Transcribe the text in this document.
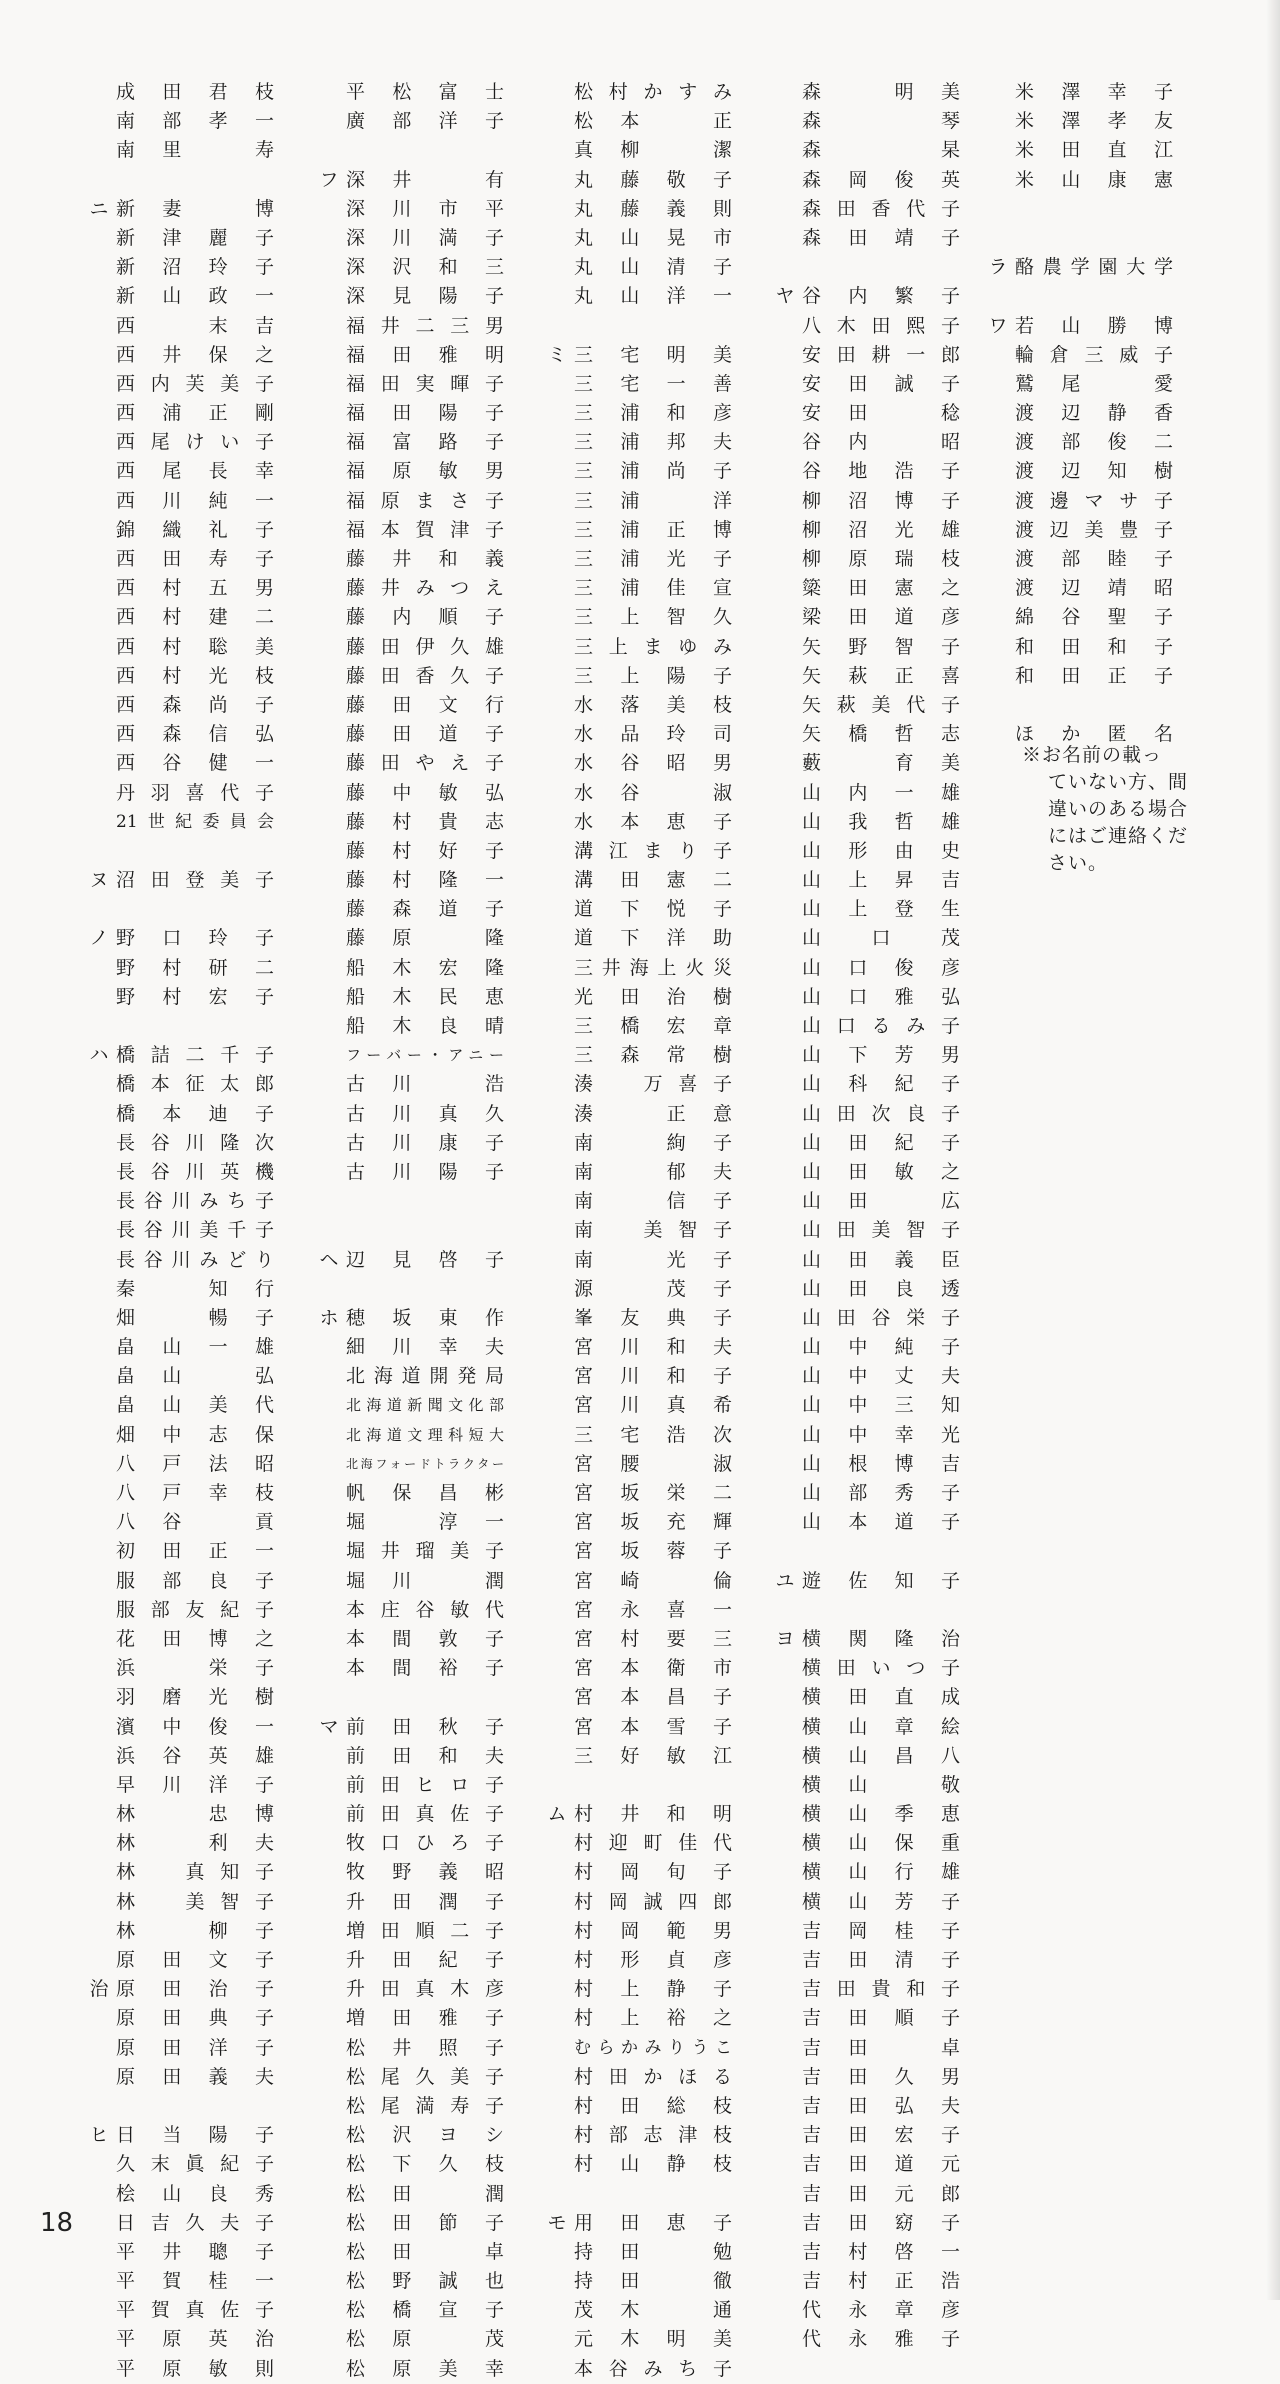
成田君枝
南部孝一
南里　寿
ニ 新妻　博
新津麗子
新沼玲子
新山政一
西　末吉
西井保之
西内芙美子
西浦正剛
西尾けい子
西尾長幸
西川純一
錦織礼子
西田寿子
西村五男
西村建二
西村聡美
西村光枝
西森尚子
西森信弘
西谷健一
丹羽喜代子
21世紀委員会
ヌ 沼田登美子
ノ 野口玲子
野村研二
野村宏子
ハ 橋詰二千子
橋本征太郎
橋本迪子
長谷川隆次
長谷川英機
長谷川みち子
長谷川美千子
長谷川みどり
秦　知行
畑　暢子
畠山一雄
畠山　弘
畠山美代
畑中志保
八戸法昭
八戸幸枝
八谷　貢
初田正一
服部良子
服部友紀子
花田博之
浜　栄子
羽磨光樹
濱中俊一
浜谷英雄
早川洋子
林　忠博
林　利夫
林　真知子
林　美智子
林　柳子
原田文子
治 原田治子
原田典子
原田洋子
原田義夫
ヒ 日当陽子
久末眞紀子
桧山良秀
日吉久夫子
平井聰子
平賀桂一
平賀真佐子
平原英治
平原敏則
平松富士
廣部洋子
フ 深井　有
深川市平
深川満子
深沢和三
深見陽子
福井二三男
福田雅明
福田実暉子
福田陽子
福富路子
福原敏男
福原まさ子
福本賀津子
藤井和義
藤井みつえ
藤内順子
藤田伊久雄
藤田香久子
藤田文行
藤田道子
藤田やえ子
藤中敏弘
藤村貴志
藤村好子
藤村隆一
藤森道子
藤原　隆
船木宏隆
船木民恵
船木良晴
フーバー・アニー
古川　浩
古川真久
古川康子
古川陽子
ヘ 辺見啓子
ホ 穂坂東作
細川幸夫
北海道開発局
北海道新聞文化部
北海道文理科短大
北海フォードトラクター
帆保昌彬
堀　淳一
堀井瑠美子
堀川　潤
本庄谷敏代
本間敦子
本間裕子
マ 前田秋子
前田和夫
前田ヒロ子
前田真佐子
牧口ひろ子
牧野義昭
升田潤子
増田順二子
升田紀子
升田真木彦
増田雅子
松井照子
松尾久美子
松尾満寿子
松沢ヨシ
松下久枝
松田　潤
松田節子
松田　卓
松野誠也
松橋宣子
松原　茂
松原美幸
松村かすみ
松本　正
真柳　潔
丸藤敬子
丸藤義則
丸山晃市
丸山清子
丸山洋一
ミ 三宅明美
三宅一善
三浦和彦
三浦邦夫
三浦尚子
三浦　洋
三浦正博
三浦光子
三浦佳宣
三上智久
三上まゆみ
三上陽子
水落美枝
水品玲司
水谷昭男
水谷　淑
水本恵子
溝江まり子
溝田憲二
道下悦子
道下洋助
三井海上火災
光田治樹
三橋宏章
三森常樹
湊　万喜子
湊　正意
南　絢子
南　郁夫
南　信子
南　美智子
南　光子
源　茂子
峯友典子
宮川和夫
宮川和子
宮川真希
三宅浩次
宮腰　淑
宮坂栄二
宮坂充輝
宮坂蓉子
宮崎　倫
宮永喜一
宮村要三
宮本衛市
宮本昌子
宮本雪子
三好敏江
ム 村井和明
村迎町佳代
村岡旬子
村岡誠四郎
村岡範男
村形貞彦
村上静子
村上裕之
むらかみりうこ
村田かほる
村田総枝
村部志津枝
村山静枝
モ 用田恵子
持田　勉
持田　徹
茂木　通
元木明美
本谷みち子
森　明美
森　琴
森　杲
森岡俊英
森田香代子
森田靖子
ヤ 谷内繁子
八木田熙子
安田耕一郎
安田誠子
安田　稔
谷内　昭
谷地浩子
柳沼博子
柳沼光雄
柳原瑞枝
簗田憲之
梁田道彦
矢野智子
矢萩正喜
矢萩美代子
矢橋哲志
藪　育美
山内一雄
山我哲雄
山形由史
山上昇吉
山上登生
山口茂
山口俊彦
山口雅弘
山口るみ子
山下芳男
山科紀子
山田次良子
山田紀子
山田敏之
山田　広
山田美智子
山田義臣
山田良透
山田谷栄子
山中純子
山中丈夫
山中三知
山中幸光
山根博吉
山部秀子
山本道子
ユ 遊佐知子
ヨ 横関隆治
横田いつ子
横田直成
横山章絵
横山昌八
横山　敬
横山季恵
横山保重
横山行雄
横山芳子
吉岡桂子
吉田清子
吉田貴和子
吉田順子
吉田　卓
吉田久男
吉田弘夫
吉田宏子
吉田道元
吉田元郎
吉田窈子
吉村啓一
吉村正浩
代永章彦
代永雅子
米澤幸子
米澤孝友
米田直江
米山康憲
ラ 酪農学園大学
ワ 若山勝博
輪倉三威子
鷲尾　愛
渡辺静香
渡部俊二
渡辺知樹
渡邊マサ子
渡辺美豊子
渡部睦子
渡辺靖昭
綿谷聖子
和田和子
和田正子
ほか匿名
※お名前の載っ
ていない方、間違いのある場合にはご連絡ください。
18
